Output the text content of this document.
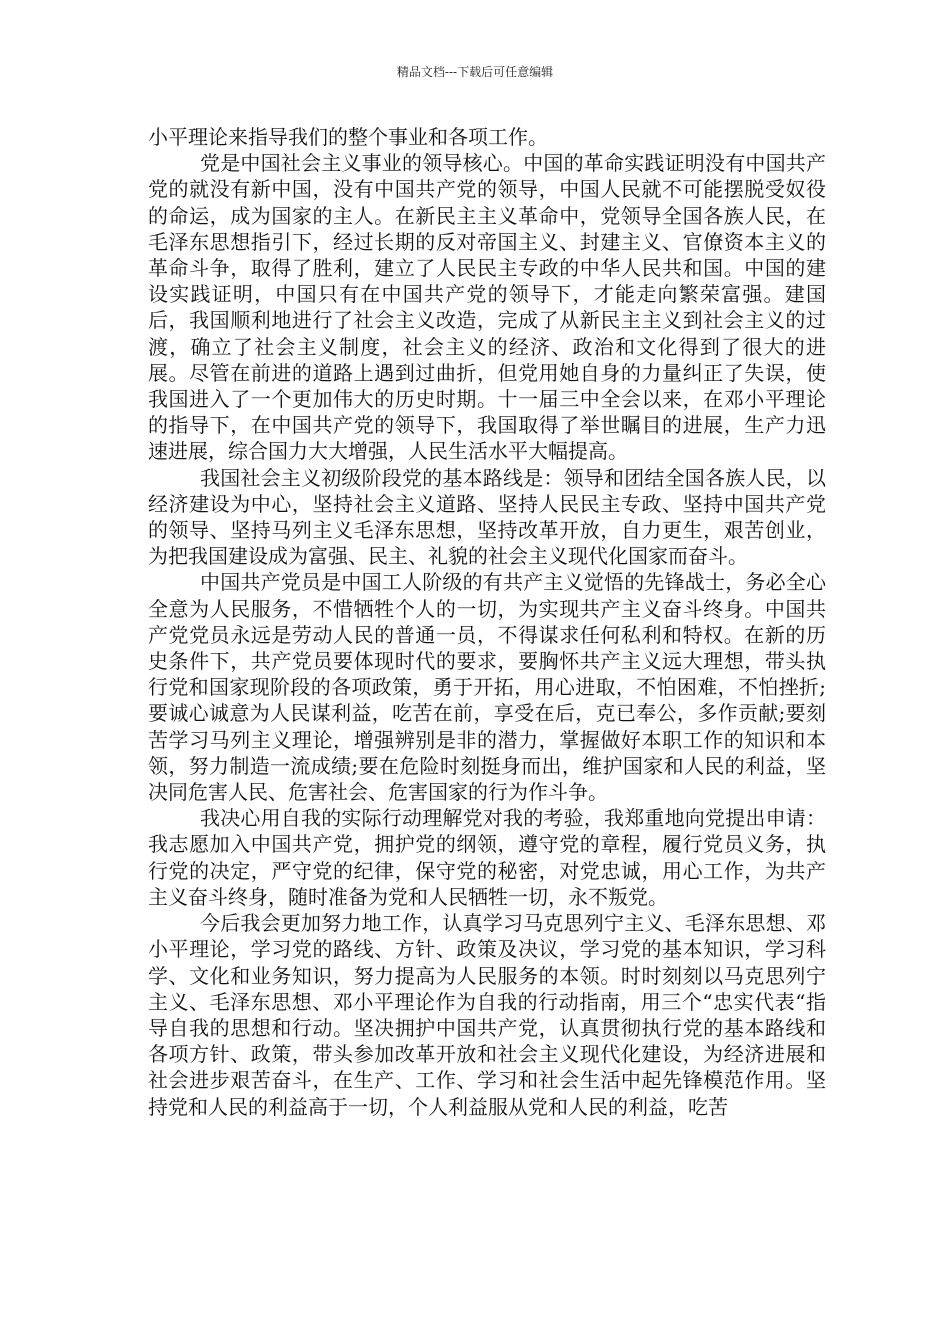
精品文档---下载后可任意编辑

小平理论来指导我们的整个事业和各项工作。

党是中国社会主义事业的领导核心。中国的革命实践证明没有中国共产党的就没有新中国，没有中国共产党的领导，中国人民就不可能摆脱受奴役的命运，成为国家的主人。在新民主主义革命中，党领导全国各族人民，在毛泽东思想指引下，经过长期的反对帝国主义、封建主义、官僚资本主义的革命斗争，取得了胜利，建立了人民民主专政的中华人民共和国。中国的建设实践证明，中国只有在中国共产党的领导下，才能走向繁荣富强。建国后，我国顺利地进行了社会主义改造，完成了从新民主主义到社会主义的过渡，确立了社会主义制度，社会主义的经济、政治和文化得到了很大的进展。尽管在前进的道路上遇到过曲折，但党用她自身的力量纠正了失误，使我国进入了一个更加伟大的历史时期。十一届三中全会以来，在邓小平理论的指导下，在中国共产党的领导下，我国取得了举世瞩目的进展，生产力迅速进展，综合国力大大增强，人民生活水平大幅提高。

我国社会主义初级阶段党的基本路线是：领导和团结全国各族人民，以经济建设为中心，坚持社会主义道路、坚持人民民主专政、坚持中国共产党的领导、坚持马列主义毛泽东思想，坚持改革开放，自力更生，艰苦创业，为把我国建设成为富强、民主、礼貌的社会主义现代化国家而奋斗。

中国共产党员是中国工人阶级的有共产主义觉悟的先锋战士，务必全心全意为人民服务，不惜牺牲个人的一切，为实现共产主义奋斗终身。中国共产党党员永远是劳动人民的普通一员，不得谋求任何私利和特权。在新的历史条件下，共产党员要体现时代的要求，要胸怀共产主义远大理想，带头执行党和国家现阶段的各项政策，勇于开拓，用心进取，不怕困难，不怕挫折;要诚心诚意为人民谋利益，吃苦在前，享受在后，克已奉公，多作贡献;要刻苦学习马列主义理论，增强辨别是非的潜力，掌握做好本职工作的知识和本领，努力制造一流成绩;要在危险时刻挺身而出，维护国家和人民的利益，坚决同危害人民、危害社会、危害国家的行为作斗争。

我决心用自我的实际行动理解党对我的考验，我郑重地向党提出申请：我志愿加入中国共产党，拥护党的纲领，遵守党的章程，履行党员义务，执行党的决定，严守党的纪律，保守党的秘密，对党忠诚，用心工作，为共产主义奋斗终身，随时准备为党和人民牺牲一切，永不叛党。

今后我会更加努力地工作，认真学习马克思列宁主义、毛泽东思想、邓小平理论，学习党的路线、方针、政策及决议，学习党的基本知识，学习科学、文化和业务知识，努力提高为人民服务的本领。时时刻刻以马克思列宁主义、毛泽东思想、邓小平理论作为自我的行动指南，用三个“忠实代表“指导自我的思想和行动。坚决拥护中国共产党，认真贯彻执行党的基本路线和各项方针、政策，带头参加改革开放和社会主义现代化建设，为经济进展和社会进步艰苦奋斗，在生产、工作、学习和社会生活中起先锋模范作用。坚持党和人民的利益高于一切，个人利益服从党和人民的利益，吃苦
